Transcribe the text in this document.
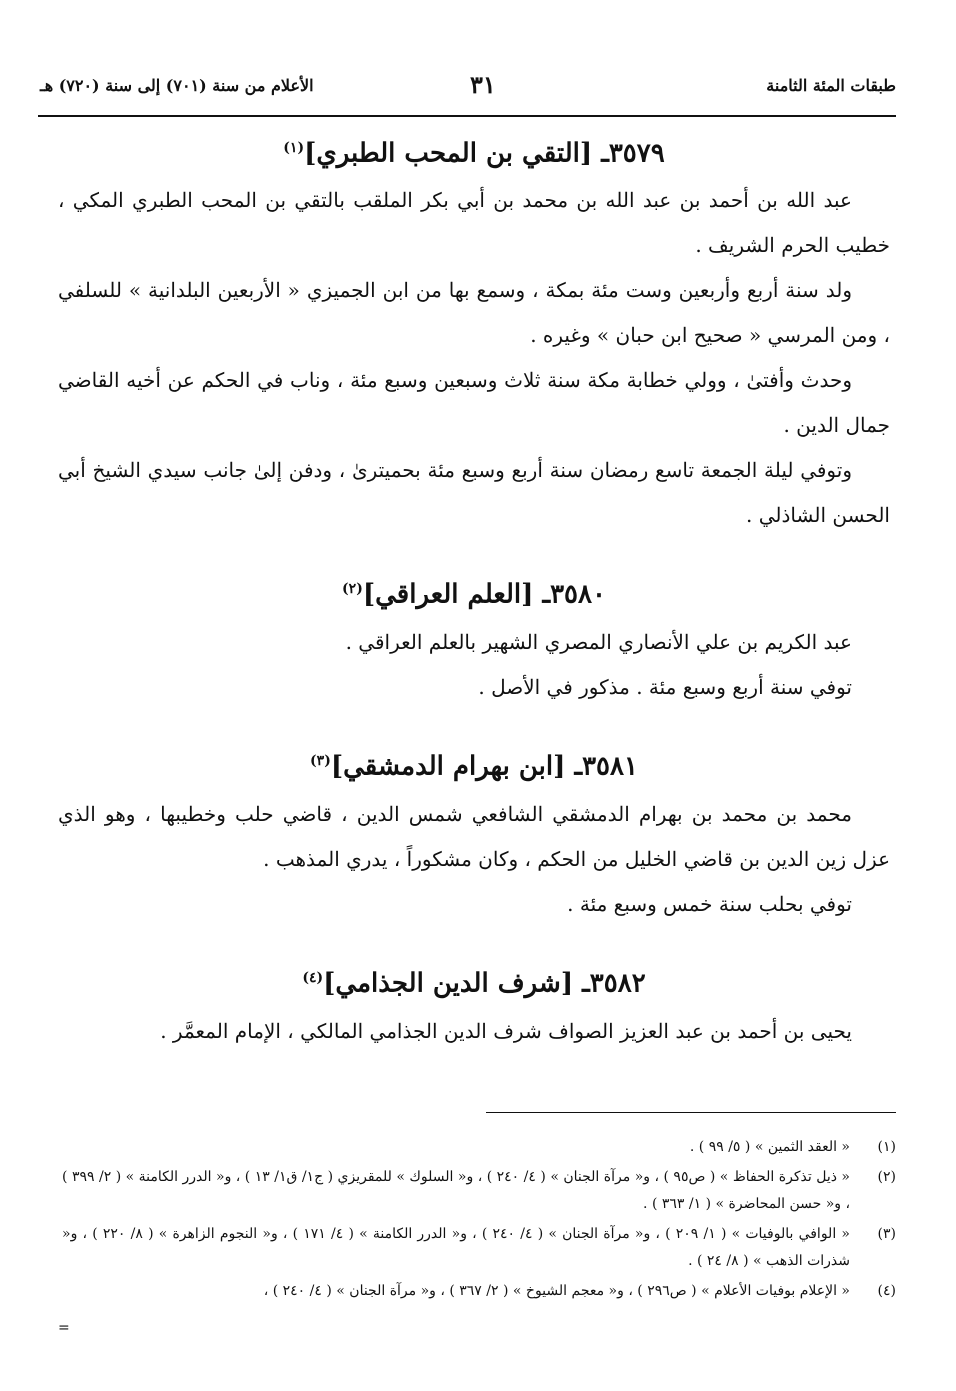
طبقات المئة الثامنة
٣١
الأعلام من سنة (٧٠١) إلى سنة (٧٢٠) هـ
٣٥٧٩ـ [التقي بن المحب الطبري]$^{(١)}$

عبد الله بن أحمد بن عبد الله بن محمد بن أبي بكر الملقب بالتقي بن المحب الطبري المكي ، خطيب الحرم الشريف .

ولد سنة أربع وأربعين وست مئة بمكة ، وسمع بها من ابن الجميزي « الأربعين البلدانية » للسلفي ، ومن المرسي « صحيح ابن حبان » وغيره .

وحدث وأفتىٰ ، وولي خطابة مكة سنة ثلاث وسبعين وسبع مئة ، وناب في الحكم عن أخيه القاضي جمال الدين .

وتوفي ليلة الجمعة تاسع رمضان سنة أربع وسبع مئة بحميترىٰ ، ودفن إلىٰ جانب سيدي الشيخ أبي الحسن الشاذلي .

٣٥٨٠ـ [العلم العراقي]$^{(٢)}$

عبد الكريم بن علي الأنصاري المصري الشهير بالعلم العراقي .

توفي سنة أربع وسبع مئة . مذكور في الأصل .

٣٥٨١ـ [ابن بهرام الدمشقي]$^{(٣)}$

محمد بن محمد بن بهرام الدمشقي الشافعي شمس الدين ، قاضي حلب وخطيبها ، وهو الذي عزل زين الدين بن قاضي الخليل من الحكم ، وكان مشكوراً ، يدري المذهب .

توفي بحلب سنة خمس وسبع مئة .

٣٥٨٢ـ [شرف الدين الجذامي]$^{(٤)}$

يحيى بن أحمد بن عبد العزيز الصواف شرف الدين الجذامي المالكي ، الإمام المعمَّر .

(١)
« العقد الثمين » ( ٥/ ٩٩ ) .
(٢)
« ذيل تذكرة الحفاظ » ( ص٩٥ ) ، و« مرآة الجنان » ( ٤/ ٢٤٠ ) ، و« السلوك » للمقريزي ( ج١/ ق١/ ١٣ ) ، و« الدرر الكامنة » ( ٢/ ٣٩٩ ) ، و« حسن المحاضرة » ( ١/ ٣٦٣ ) .
(٣)
« الوافي بالوفيات » ( ١/ ٢٠٩ ) ، و« مرآة الجنان » ( ٤/ ٢٤٠ ) ، و« الدرر الكامنة » ( ٤/ ١٧١ ) ، و« النجوم الزاهرة » ( ٨/ ٢٢٠ ) ، و« شذرات الذهب » ( ٨/ ٢٤ ) .
(٤)
« الإعلام بوفيات الأعلام » ( ص٢٩٦ ) ، و« معجم الشيوخ » ( ٢/ ٣٦٧ ) ، و« مرآة الجنان » ( ٤/ ٢٤٠ ) ،
=
